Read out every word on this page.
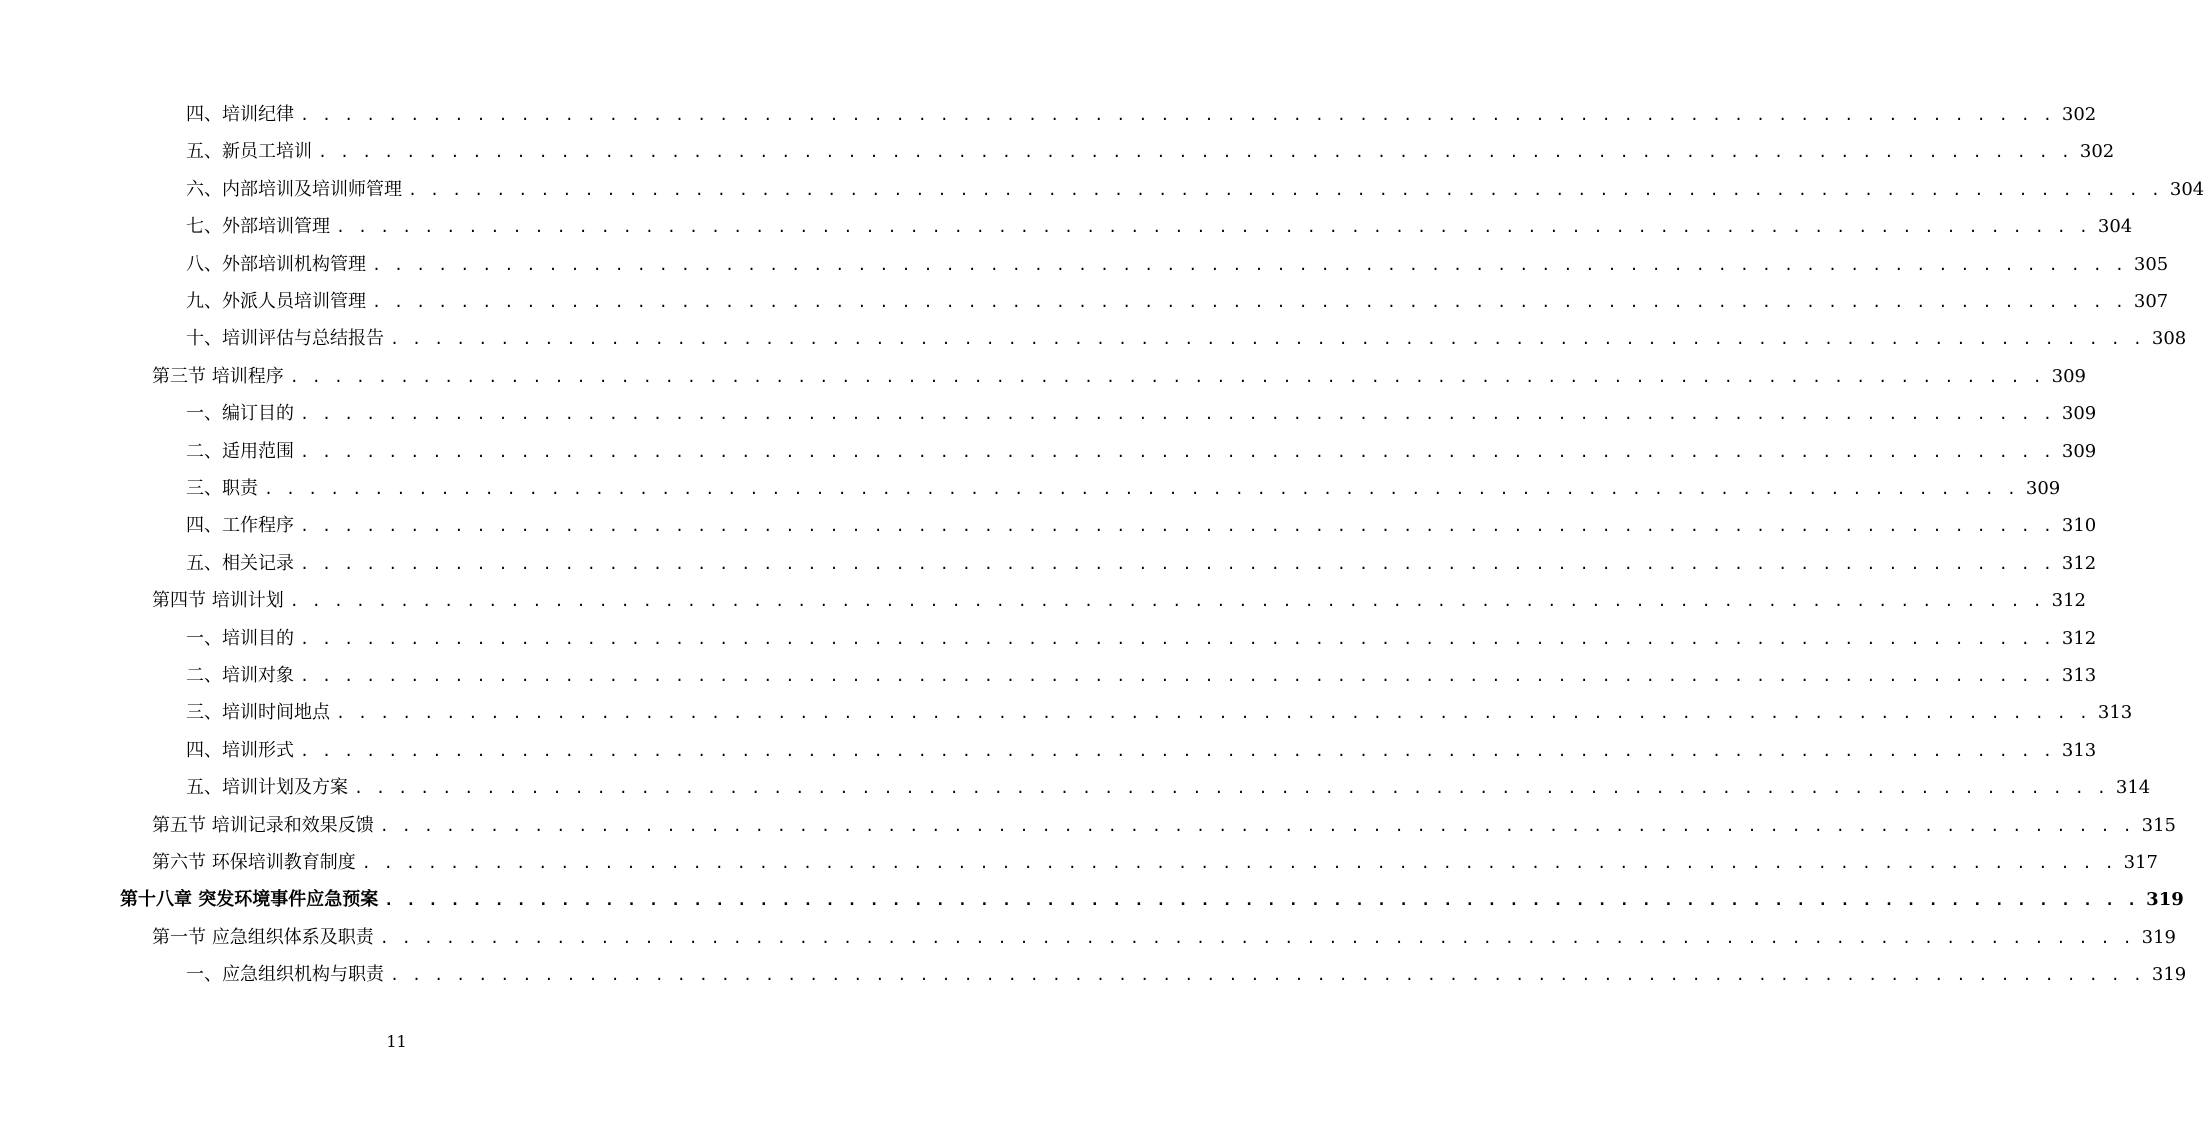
四、培训纪律 . . . . . . . . . . . . . . . . . . . . . . . . . . . . . . . . . . . . . . . . . . . . . . . . . . . . . . . . . . . . . . . . . . . . . . . . . . . . . . . . 302
五、新员工培训 . . . . . . . . . . . . . . . . . . . . . . . . . . . . . . . . . . . . . . . . . . . . . . . . . . . . . . . . . . . . . . . . . . . . . . . . . . . . . . . . 302
六、内部培训及培训师管理 . . . . . . . . . . . . . . . . . . . . . . . . . . . . . . . . . . . . . . . . . . . . . . . . . . . . . . . . . . . . . . . . . . . . . . . . . . . . . . . . 304
七、外部培训管理 . . . . . . . . . . . . . . . . . . . . . . . . . . . . . . . . . . . . . . . . . . . . . . . . . . . . . . . . . . . . . . . . . . . . . . . . . . . . . . . . 304
八、外部培训机构管理 . . . . . . . . . . . . . . . . . . . . . . . . . . . . . . . . . . . . . . . . . . . . . . . . . . . . . . . . . . . . . . . . . . . . . . . . . . . . . . . . 305
九、外派人员培训管理 . . . . . . . . . . . . . . . . . . . . . . . . . . . . . . . . . . . . . . . . . . . . . . . . . . . . . . . . . . . . . . . . . . . . . . . . . . . . . . . . 307
十、培训评估与总结报告 . . . . . . . . . . . . . . . . . . . . . . . . . . . . . . . . . . . . . . . . . . . . . . . . . . . . . . . . . . . . . . . . . . . . . . . . . . . . . . . . 308
第三节 培训程序 . . . . . . . . . . . . . . . . . . . . . . . . . . . . . . . . . . . . . . . . . . . . . . . . . . . . . . . . . . . . . . . . . . . . . . . . . . . . . . . . 309
一、编订目的 . . . . . . . . . . . . . . . . . . . . . . . . . . . . . . . . . . . . . . . . . . . . . . . . . . . . . . . . . . . . . . . . . . . . . . . . . . . . . . . . 309
二、适用范围 . . . . . . . . . . . . . . . . . . . . . . . . . . . . . . . . . . . . . . . . . . . . . . . . . . . . . . . . . . . . . . . . . . . . . . . . . . . . . . . . 309
三、职责 . . . . . . . . . . . . . . . . . . . . . . . . . . . . . . . . . . . . . . . . . . . . . . . . . . . . . . . . . . . . . . . . . . . . . . . . . . . . . . . . 309
四、工作程序 . . . . . . . . . . . . . . . . . . . . . . . . . . . . . . . . . . . . . . . . . . . . . . . . . . . . . . . . . . . . . . . . . . . . . . . . . . . . . . . . 310
五、相关记录 . . . . . . . . . . . . . . . . . . . . . . . . . . . . . . . . . . . . . . . . . . . . . . . . . . . . . . . . . . . . . . . . . . . . . . . . . . . . . . . . 312
第四节 培训计划 . . . . . . . . . . . . . . . . . . . . . . . . . . . . . . . . . . . . . . . . . . . . . . . . . . . . . . . . . . . . . . . . . . . . . . . . . . . . . . . . 312
一、培训目的 . . . . . . . . . . . . . . . . . . . . . . . . . . . . . . . . . . . . . . . . . . . . . . . . . . . . . . . . . . . . . . . . . . . . . . . . . . . . . . . . 312
二、培训对象 . . . . . . . . . . . . . . . . . . . . . . . . . . . . . . . . . . . . . . . . . . . . . . . . . . . . . . . . . . . . . . . . . . . . . . . . . . . . . . . . 313
三、培训时间地点 . . . . . . . . . . . . . . . . . . . . . . . . . . . . . . . . . . . . . . . . . . . . . . . . . . . . . . . . . . . . . . . . . . . . . . . . . . . . . . . . 313
四、培训形式 . . . . . . . . . . . . . . . . . . . . . . . . . . . . . . . . . . . . . . . . . . . . . . . . . . . . . . . . . . . . . . . . . . . . . . . . . . . . . . . . 313
五、培训计划及方案 . . . . . . . . . . . . . . . . . . . . . . . . . . . . . . . . . . . . . . . . . . . . . . . . . . . . . . . . . . . . . . . . . . . . . . . . . . . . . . . . 314
第五节 培训记录和效果反馈 . . . . . . . . . . . . . . . . . . . . . . . . . . . . . . . . . . . . . . . . . . . . . . . . . . . . . . . . . . . . . . . . . . . . . . . . . . . . . . . . 315
第六节 环保培训教育制度 . . . . . . . . . . . . . . . . . . . . . . . . . . . . . . . . . . . . . . . . . . . . . . . . . . . . . . . . . . . . . . . . . . . . . . . . . . . . . . . . 317
第十八章 突发环境事件应急预案 . . . . . . . . . . . . . . . . . . . . . . . . . . . . . . . . . . . . . . . . . . . . . . . . . . . . . . . . . . . . . . . . . . . . . . . . . . . . . . . . 319
第一节 应急组织体系及职责 . . . . . . . . . . . . . . . . . . . . . . . . . . . . . . . . . . . . . . . . . . . . . . . . . . . . . . . . . . . . . . . . . . . . . . . . . . . . . . . . 319
一、应急组织机构与职责 . . . . . . . . . . . . . . . . . . . . . . . . . . . . . . . . . . . . . . . . . . . . . . . . . . . . . . . . . . . . . . . . . . . . . . . . . . . . . . . . 319
11
